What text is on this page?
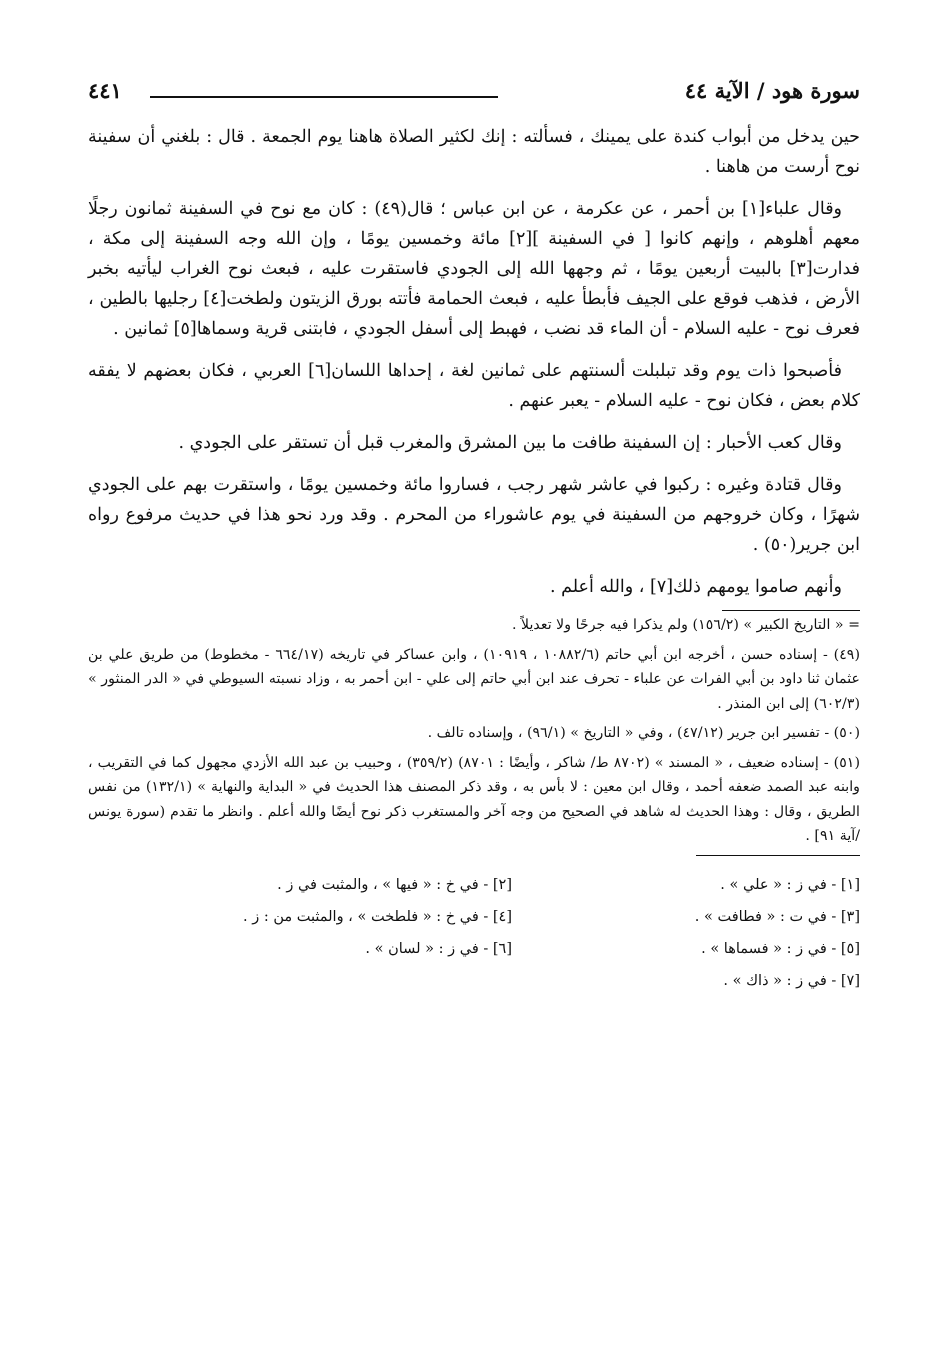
سورة هود / الآية ٤٤
٤٤١

حين يدخل من أبواب كندة على يمينك ، فسألته : إنك لكثير الصلاة هاهنا يوم الجمعة . قال : بلغني أن سفينة نوح أرست من هاهنا .

وقال علباء[١] بن أحمر ، عن عكرمة ، عن ابن عباس ؛ قال(٤٩) : كان مع نوح في السفينة ثمانون رجلًا معهم أهلوهم ، وإنهم كانوا [ في السفينة ][٢] مائة وخمسين يومًا ، وإن الله وجه السفينة إلى مكة ، فدارت[٣] بالبيت أربعين يومًا ، ثم وجهها الله إلى الجودي فاستقرت عليه ، فبعث نوح الغراب ليأتيه بخبر الأرض ، فذهب فوقع على الجيف فأبطأ عليه ، فبعث الحمامة فأتته بورق الزيتون ولطخت[٤] رجليها بالطين ، فعرف نوح - عليه السلام - أن الماء قد نضب ، فهبط إلى أسفل الجودي ، فابتنى قرية وسماها[٥] ثمانين .

فأصبحوا ذات يوم وقد تبلبلت ألسنتهم على ثمانين لغة ، إحداها اللسان[٦] العربي ، فكان بعضهم لا يفقه كلام بعض ، فكان نوح - عليه السلام - يعبر عنهم .

وقال كعب الأحبار : إن السفينة طافت ما بين المشرق والمغرب قبل أن تستقر على الجودي .

وقال قتادة وغيره : ركبوا في عاشر شهر رجب ، فساروا مائة وخمسين يومًا ، واستقرت بهم على الجودي شهرًا ، وكان خروجهم من السفينة في يوم عاشوراء من المحرم . وقد ورد نحو هذا في حديث مرفوع رواه ابن جرير(٥٠) .

وأنهم صاموا يومهم ذلك[٧] ، والله أعلم .

= « التاريخ الكبير » (١٥٦/٢) ولم يذكرا فيه جرحًا ولا تعديلاً .

(٤٩) - إسناده حسن ، أخرجه ابن أبي حاتم (١٠٨٨٢/٦ ، ١٠٩١٩) ، وابن عساكر في تاريخه (٦٦٤/١٧ - مخطوط) من طريق علي بن عثمان ثنا داود بن أبي الفرات عن علباء - تحرف عند ابن أبي حاتم إلى علي - ابن أحمر به ، وزاد نسبته السيوطي في « الدر المنثور » (٦٠٢/٣) إلى ابن المنذر .

(٥٠) - تفسير ابن جرير (٤٧/١٢) ، وفي « التاريخ » (٩٦/١) ، وإسناده تالف .

(٥١) - إسناده ضعيف ، « المسند » (٨٧٠٢ ط/ شاكر ، وأيضًا : ٨٧٠١) (٣٥٩/٢) ، وحبيب بن عبد الله الأزدي مجهول كما في التقريب ، وابنه عبد الصمد ضعفه أحمد ، وقال ابن معين : لا بأس به ، وقد ذكر المصنف هذا الحديث في « البداية والنهاية » (١٣٢/١) من نفس الطريق ، وقال : وهذا الحديث له شاهد في الصحيح من وجه آخر والمستغرب ذكر نوح أيضًا والله أعلم . وانظر ما تقدم (سورة يونس /آية ٩١] .

[١] - في ز : « علي » .
[٢] - في خ : « فيها » ، والمثبت في ز .
[٣] - في ت : « فطافت » .
[٤] - في خ : « فلطخت » ، والمثبت من : ز .
[٥] - في ز : « فسماها » .
[٦] - في ز : « لسان » .
[٧] - في ز : « ذاك » .
